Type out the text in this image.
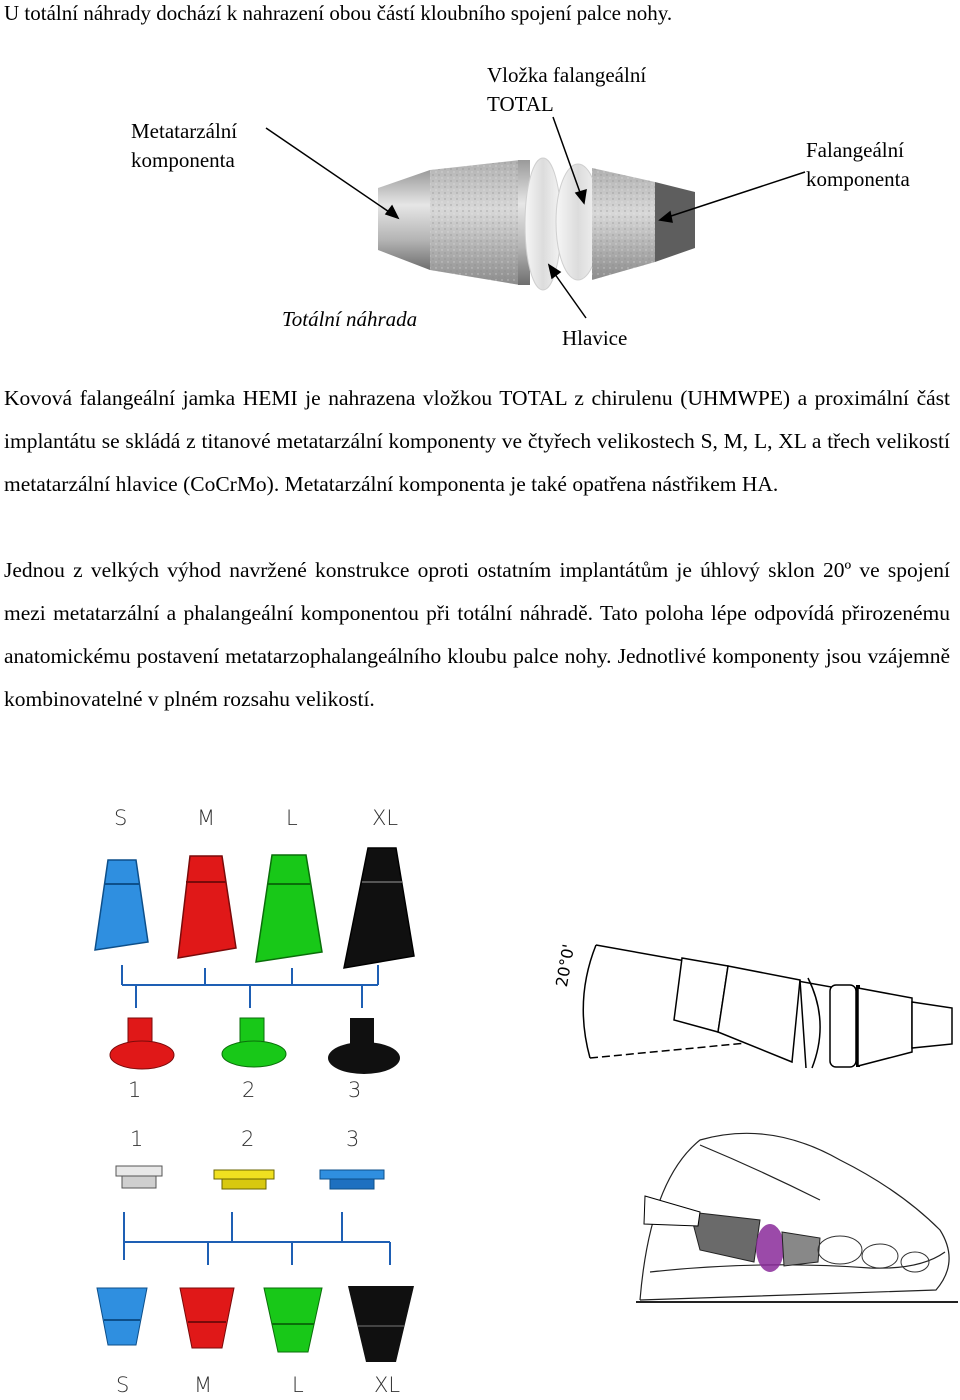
U totální náhrady dochází k nahrazení obou částí kloubního spojení palce nohy.
Metatarzální
komponenta
Vložka falangeální
TOTAL
Falangeální
komponenta
Totální náhrada
Hlavice
Kovová falangeální jamka HEMI je nahrazena vložkou TOTAL z chirulenu (UHMWPE) a proximální část implantátu se skládá z titanové metatarzální komponenty ve čtyřech velikostech S, M, L, XL a třech velikostí metatarzální hlavice (CoCrMo). Metatarzální komponenta je také opatřena nástřikem HA.
Jednou z velkých výhod navržené konstrukce oproti ostatním implantátům je úhlový sklon 20º ve spojení mezi metatarzální a phalangeální komponentou při totální náhradě. Tato poloha lépe odpovídá přirozenému anatomickému postavení metatarzophalangeálního kloubu palce nohy. Jednotlivé komponenty jsou vzájemně kombinovatelné v plném rozsahu velikostí.
S	M	L	XL
1	2	3
1	2	3
S	M	L	XL
20°0'
